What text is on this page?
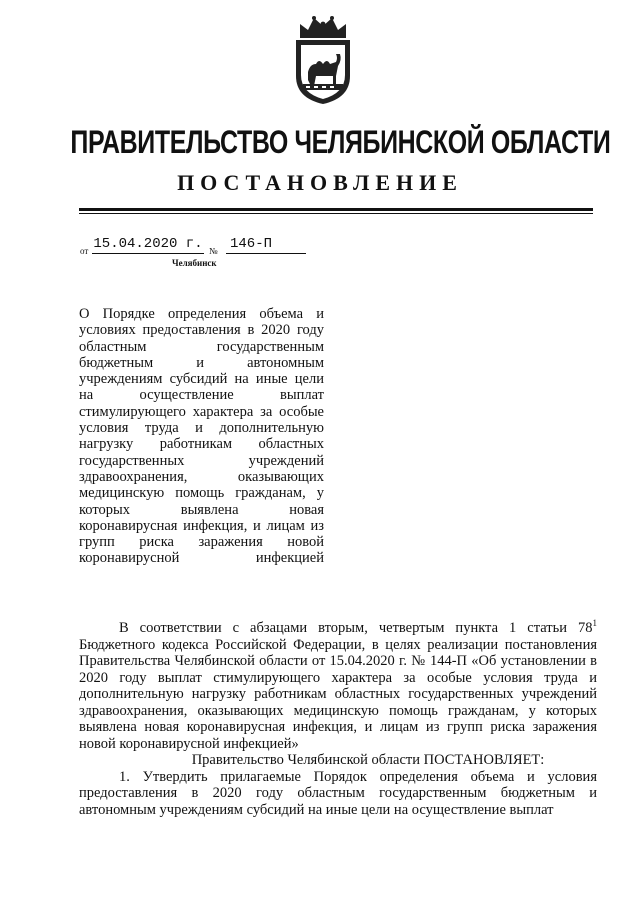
ПРАВИТЕЛЬСТВО ЧЕЛЯБИНСКОЙ ОБЛАСТИ
ПОСТАНОВЛЕНИЕ
от 15.04.2020 г. № 146-П
Челябинск
О Порядке определения объема и условиях предоставления в 2020 году областным государственным бюджетным и автономным учреждениям субсидий на иные цели на осуществление выплат стимулирующего характера за особые условия труда и дополнительную нагрузку работникам областных государственных учреждений здравоохранения, оказывающих медицинскую помощь гражданам, у которых выявлена новая коронавирусная инфекция, и лицам из групп риска заражения новой коронавирусной инфекцией

В соответствии с абзацами вторым, четвертым пункта 1 статьи $78^1$ Бюджетного кодекса Российской Федерации, в целях реализации постановления Правительства Челябинской области от 15.04.2020 г. № 144-П «Об установлении в 2020 году выплат стимулирующего характера за особые условия труда и дополнительную нагрузку работникам областных государственных учреждений здравоохранения, оказывающих медицинскую помощь гражданам, у которых выявлена новая коронавирусная инфекция, и лицам из групп риска заражения новой коронавирусной инфекцией»

Правительство Челябинской области ПОСТАНОВЛЯЕТ:

1. Утвердить прилагаемые Порядок определения объема и условия предоставления в 2020 году областным государственным бюджетным и автономным учреждениям субсидий на иные цели на осуществление выплат
